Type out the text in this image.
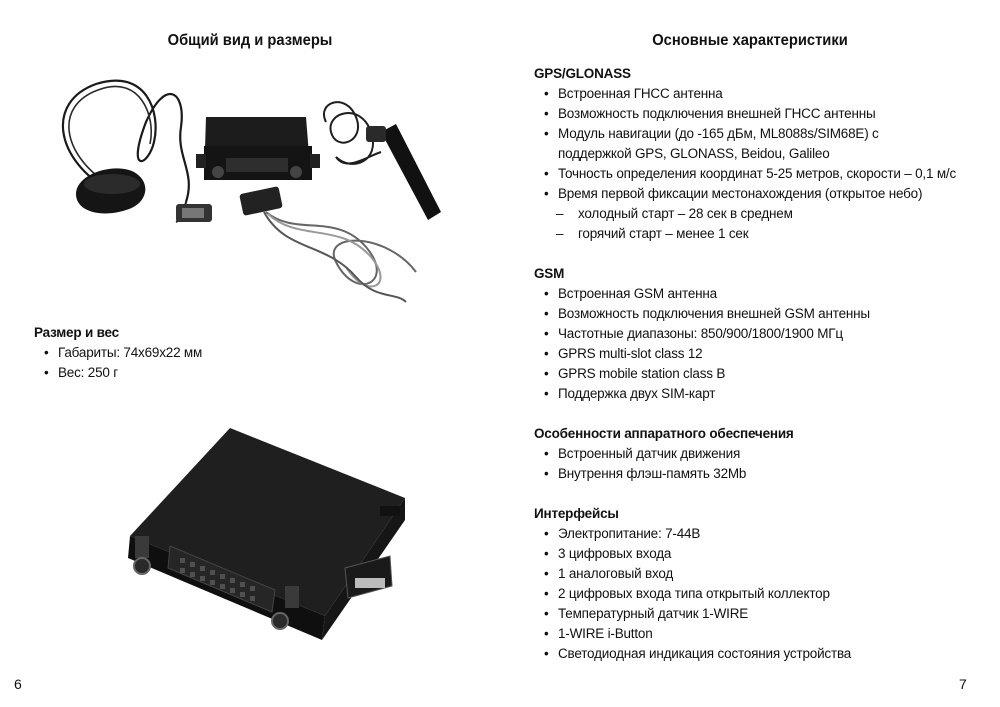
Общий вид и размеры
Размер и вес
• Габариты: 74х69х22 мм
• Вес: 250 г
6
Основные характеристики
GPS/GLONASS
• Встроенная ГНСС антенна
• Возможность подключения внешней ГНСС антенны
• Модуль навигации (до -165 дБм, ML8088s/SIM68E) с
поддержкой GPS, GLONASS, Beidou, Galileo
• Точность определения координат 5-25 метров, скорости – 0,1 м/с
• Время первой фиксации местонахождения (открытое небо)
– холодный старт – 28 сек в среднем
– горячий старт – менее 1 сек
GSM
• Встроенная GSM антенна
• Возможность подключения внешней GSM антенны
• Частотные диапазоны: 850/900/1800/1900 МГц
• GPRS multi-slot class 12
• GPRS mobile station class B
• Поддержка двух SIM-карт
Особенности аппаратного обеспечения
• Встроенный датчик движения
• Внутрення флэш-память 32Mb
Интерфейсы
• Электропитание: 7-44В
• 3 цифровых входа
• 1 аналоговый вход
• 2 цифровых входа типа открытый коллектор
• Температурный датчик 1-WIRE
• 1-WIRE i-Button
• Светодиодная индикация состояния устройства
7
